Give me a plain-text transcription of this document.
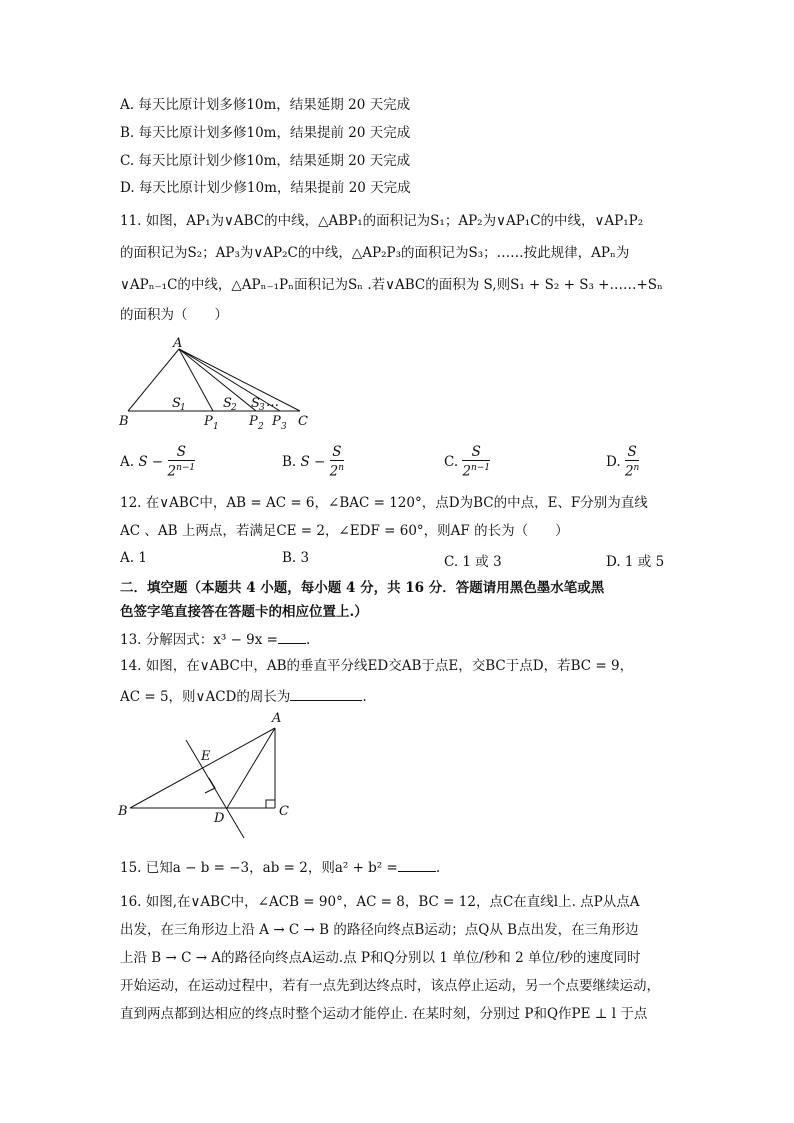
A. 每天比原计划多修10m，结果延期 20 天完成
B. 每天比原计划多修10m，结果提前 20 天完成
C. 每天比原计划少修10m，结果延期 20 天完成
D. 每天比原计划少修10m，结果提前 20 天完成
11. 如图，AP₁为∨ABC的中线，△ABP₁的面积记为S₁；AP₂为∨AP₁C的中线，∨AP₁P₂
的面积记为S₂；AP₃为∨AP₂C的中线，△AP₂P₃的面积记为S₃；……按此规律，APₙ为
∨APₙ₋₁C的中线，△APₙ₋₁Pₙ面积记为Sₙ .若∨ABC的面积为 S,则S₁ + S₂ + S₃ +……+Sₙ
的面积为（　　）
A
B	C
P 1 P 2 P 3
S 1	S 2 S 3 …
A. $S - \frac{S}{2^{n-1}}$	B. $S - \frac{S}{2^n}$	C. $\frac{S}{2^{n-1}}$	D. $\frac{S}{2^n}$
12. 在∨ABC中，AB = AC = 6，∠BAC = 120°，点D为BC的中点，E、F分别为直线
AC 、AB 上两点，若满足CE = 2，∠EDF = 60°，则AF 的长为（　　）
A. 1	B. 3	C. 1 或 3	D. 1 或 5
二．填空题（本题共 4 小题，每小题 4 分，共 16 分．答题请用黑色墨水笔或黑
色签字笔直接答在答题卡的相应位置上.）
13. 分解因式：x³ − 9x = .
14. 如图，在∨ABC中，AB的垂直平分线ED交AB于点E，交BC于点D，若BC = 9，
AC = 5，则∨ACD的周长为	.
A
B	C
D
E
15. 已知a − b = −3，ab = 2，则a² + b² =	.
16. 如图,在∨ABC中，∠ACB = 90°，AC = 8，BC = 12，点C在直线l上. 点P从点A
出发，在三角形边上沿 A → C → B 的路径向终点B运动；点Q从 B点出发，在三角形边
上沿 B → C → A的路径向终点A运动.点 P和Q分别以 1 单位/秒和 2 单位/秒的速度同时
开始运动，在运动过程中，若有一点先到达终点时，该点停止运动，另一个点要继续运动，
直到两点都到达相应的终点时整个运动才能停止. 在某时刻，分别过 P和Q作PE ⊥ l 于点
